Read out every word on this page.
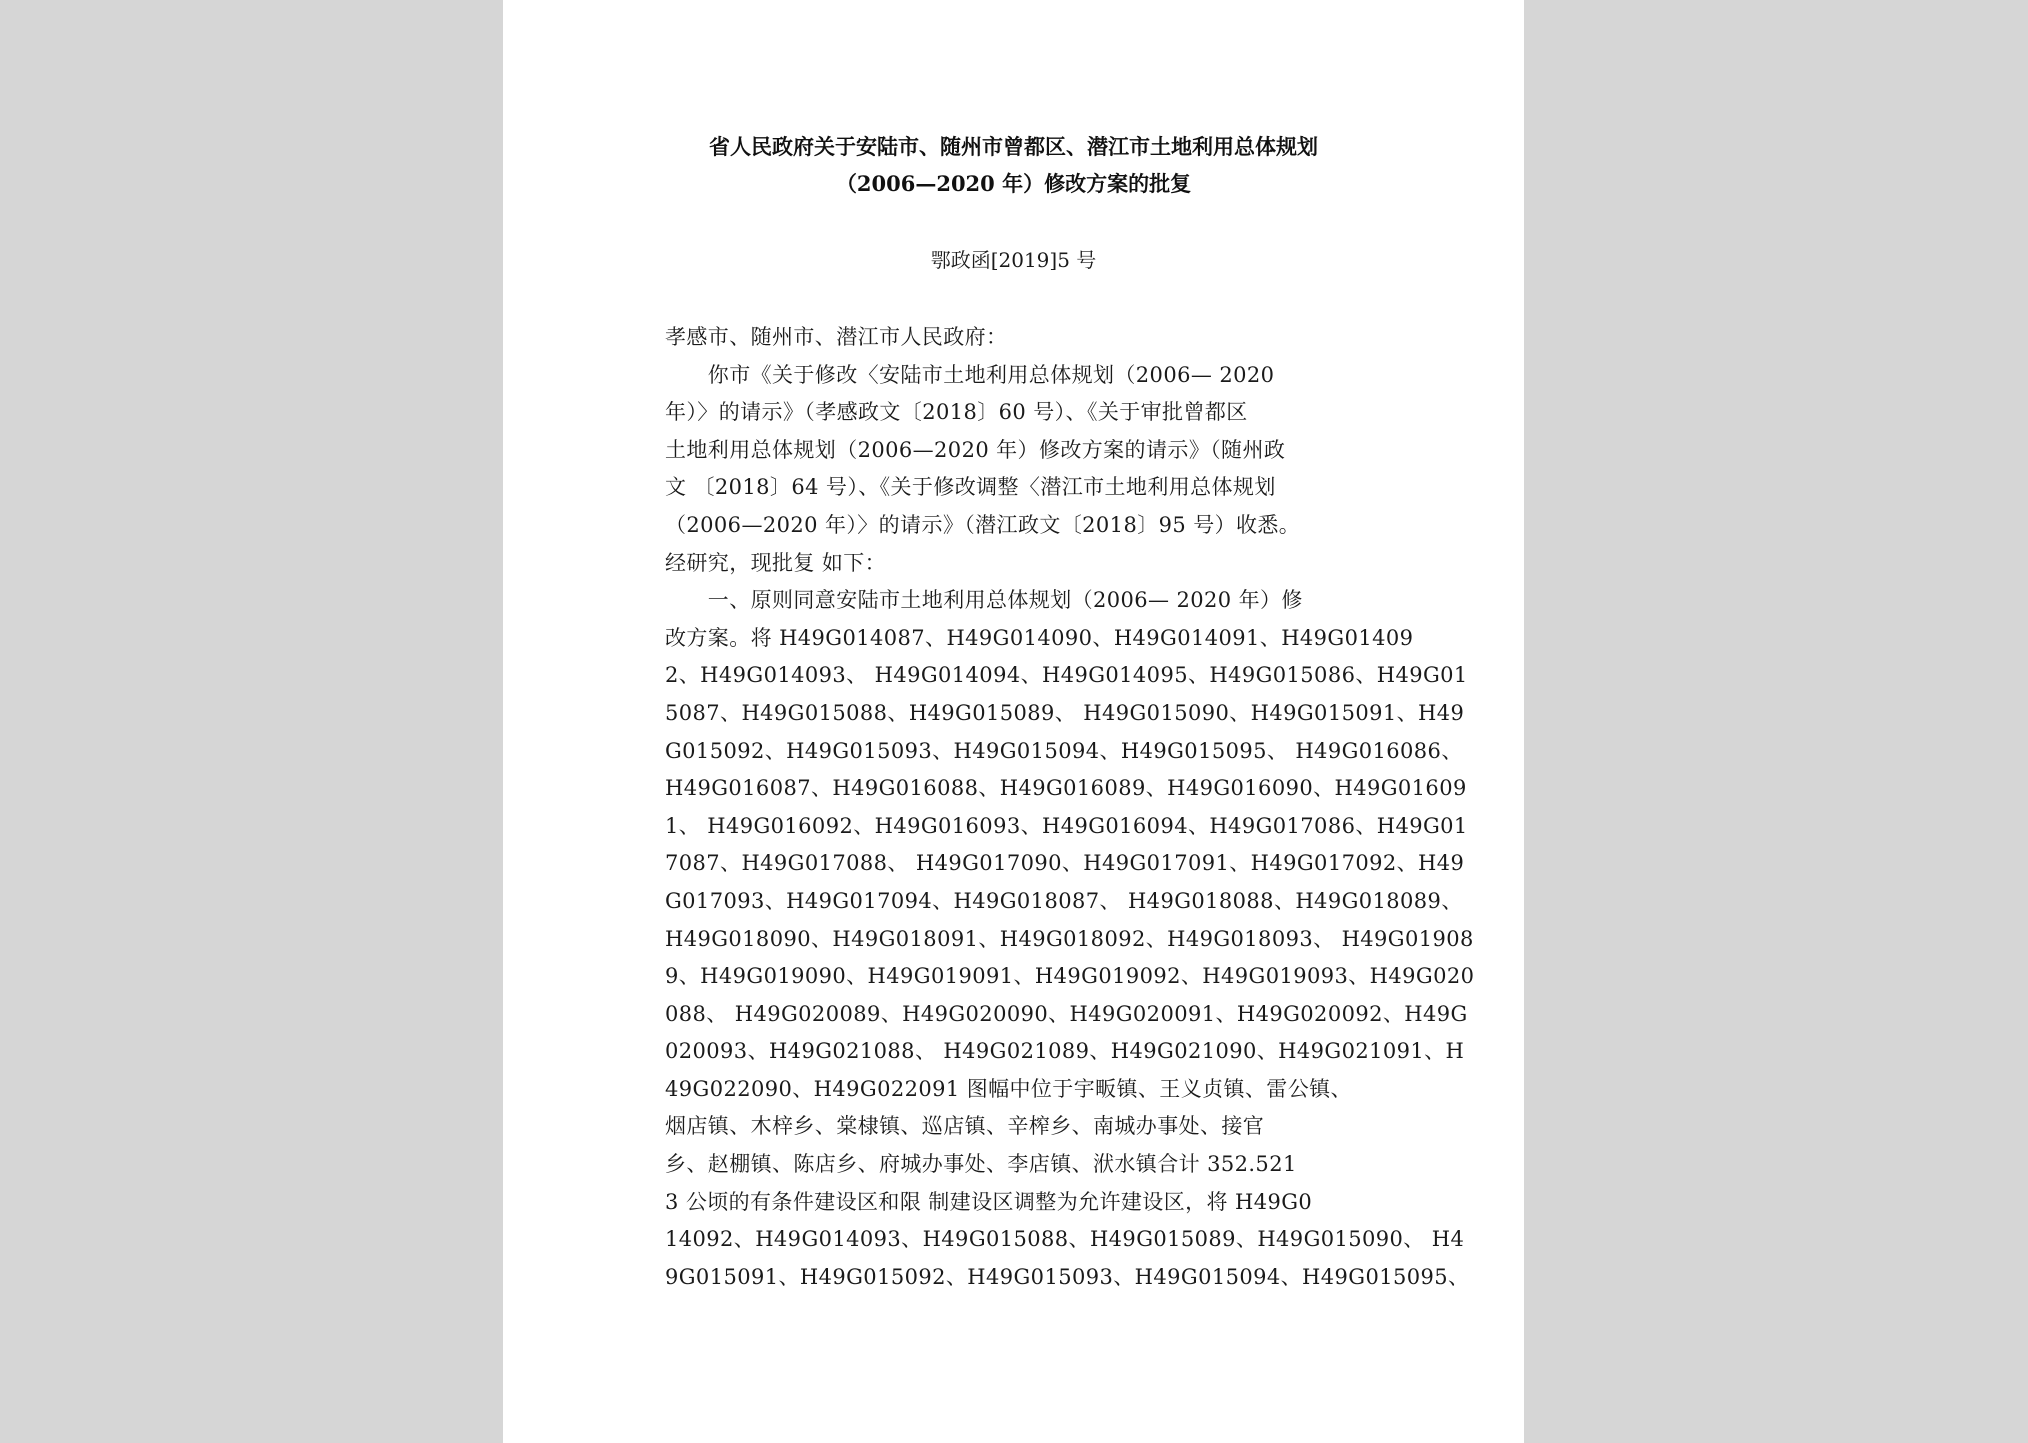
省人民政府关于安陆市、随州市曾都区、潜江市土地利用总体规划
（2006—2020 年）修改方案的批复
鄂政函[2019]5 号
孝感市、随州市、潜江市人民政府：
　　你市《关于修改〈安陆市土地利用总体规划（2006— 2020
年）〉的请示》（孝感政文〔2018〕60 号）、《关于审批曾都区
土地利用总体规划（2006—2020 年）修改方案的请示》（随州政
文 〔2018〕64 号）、《关于修改调整〈潜江市土地利用总体规划
（2006—2020 年）〉的请示》（潜江政文〔2018〕95 号）收悉。
经研究，现批复 如下：
　　一、原则同意安陆市土地利用总体规划（2006— 2020 年）修
改方案。将 H49G014087、H49G014090、H49G014091、H49G01409
2、H49G014093、 H49G014094、H49G014095、H49G015086、H49G01
5087、H49G015088、H49G015089、 H49G015090、H49G015091、H49
G015092、H49G015093、H49G015094、H49G015095、 H49G016086、
H49G016087、H49G016088、H49G016089、H49G016090、H49G01609
1、 H49G016092、H49G016093、H49G016094、H49G017086、H49G01
7087、H49G017088、 H49G017090、H49G017091、H49G017092、H49
G017093、H49G017094、H49G018087、 H49G018088、H49G018089、
H49G018090、H49G018091、H49G018092、H49G018093、 H49G01908
9、H49G019090、H49G019091、H49G019092、H49G019093、H49G020
088、 H49G020089、H49G020090、H49G020091、H49G020092、H49G
020093、H49G021088、 H49G021089、H49G021090、H49G021091、H
49G022090、H49G022091 图幅中位于宇畈镇、王义贞镇、雷公镇、
烟店镇、木梓乡、棠棣镇、巡店镇、辛榨乡、南城办事处、接官
乡、赵棚镇、陈店乡、府城办事处、李店镇、洑水镇合计 352.521
3 公顷的有条件建设区和限 制建设区调整为允许建设区，将 H49G0
14092、H49G014093、H49G015088、H49G015089、H49G015090、 H4
9G015091、H49G015092、H49G015093、H49G015094、H49G015095、
